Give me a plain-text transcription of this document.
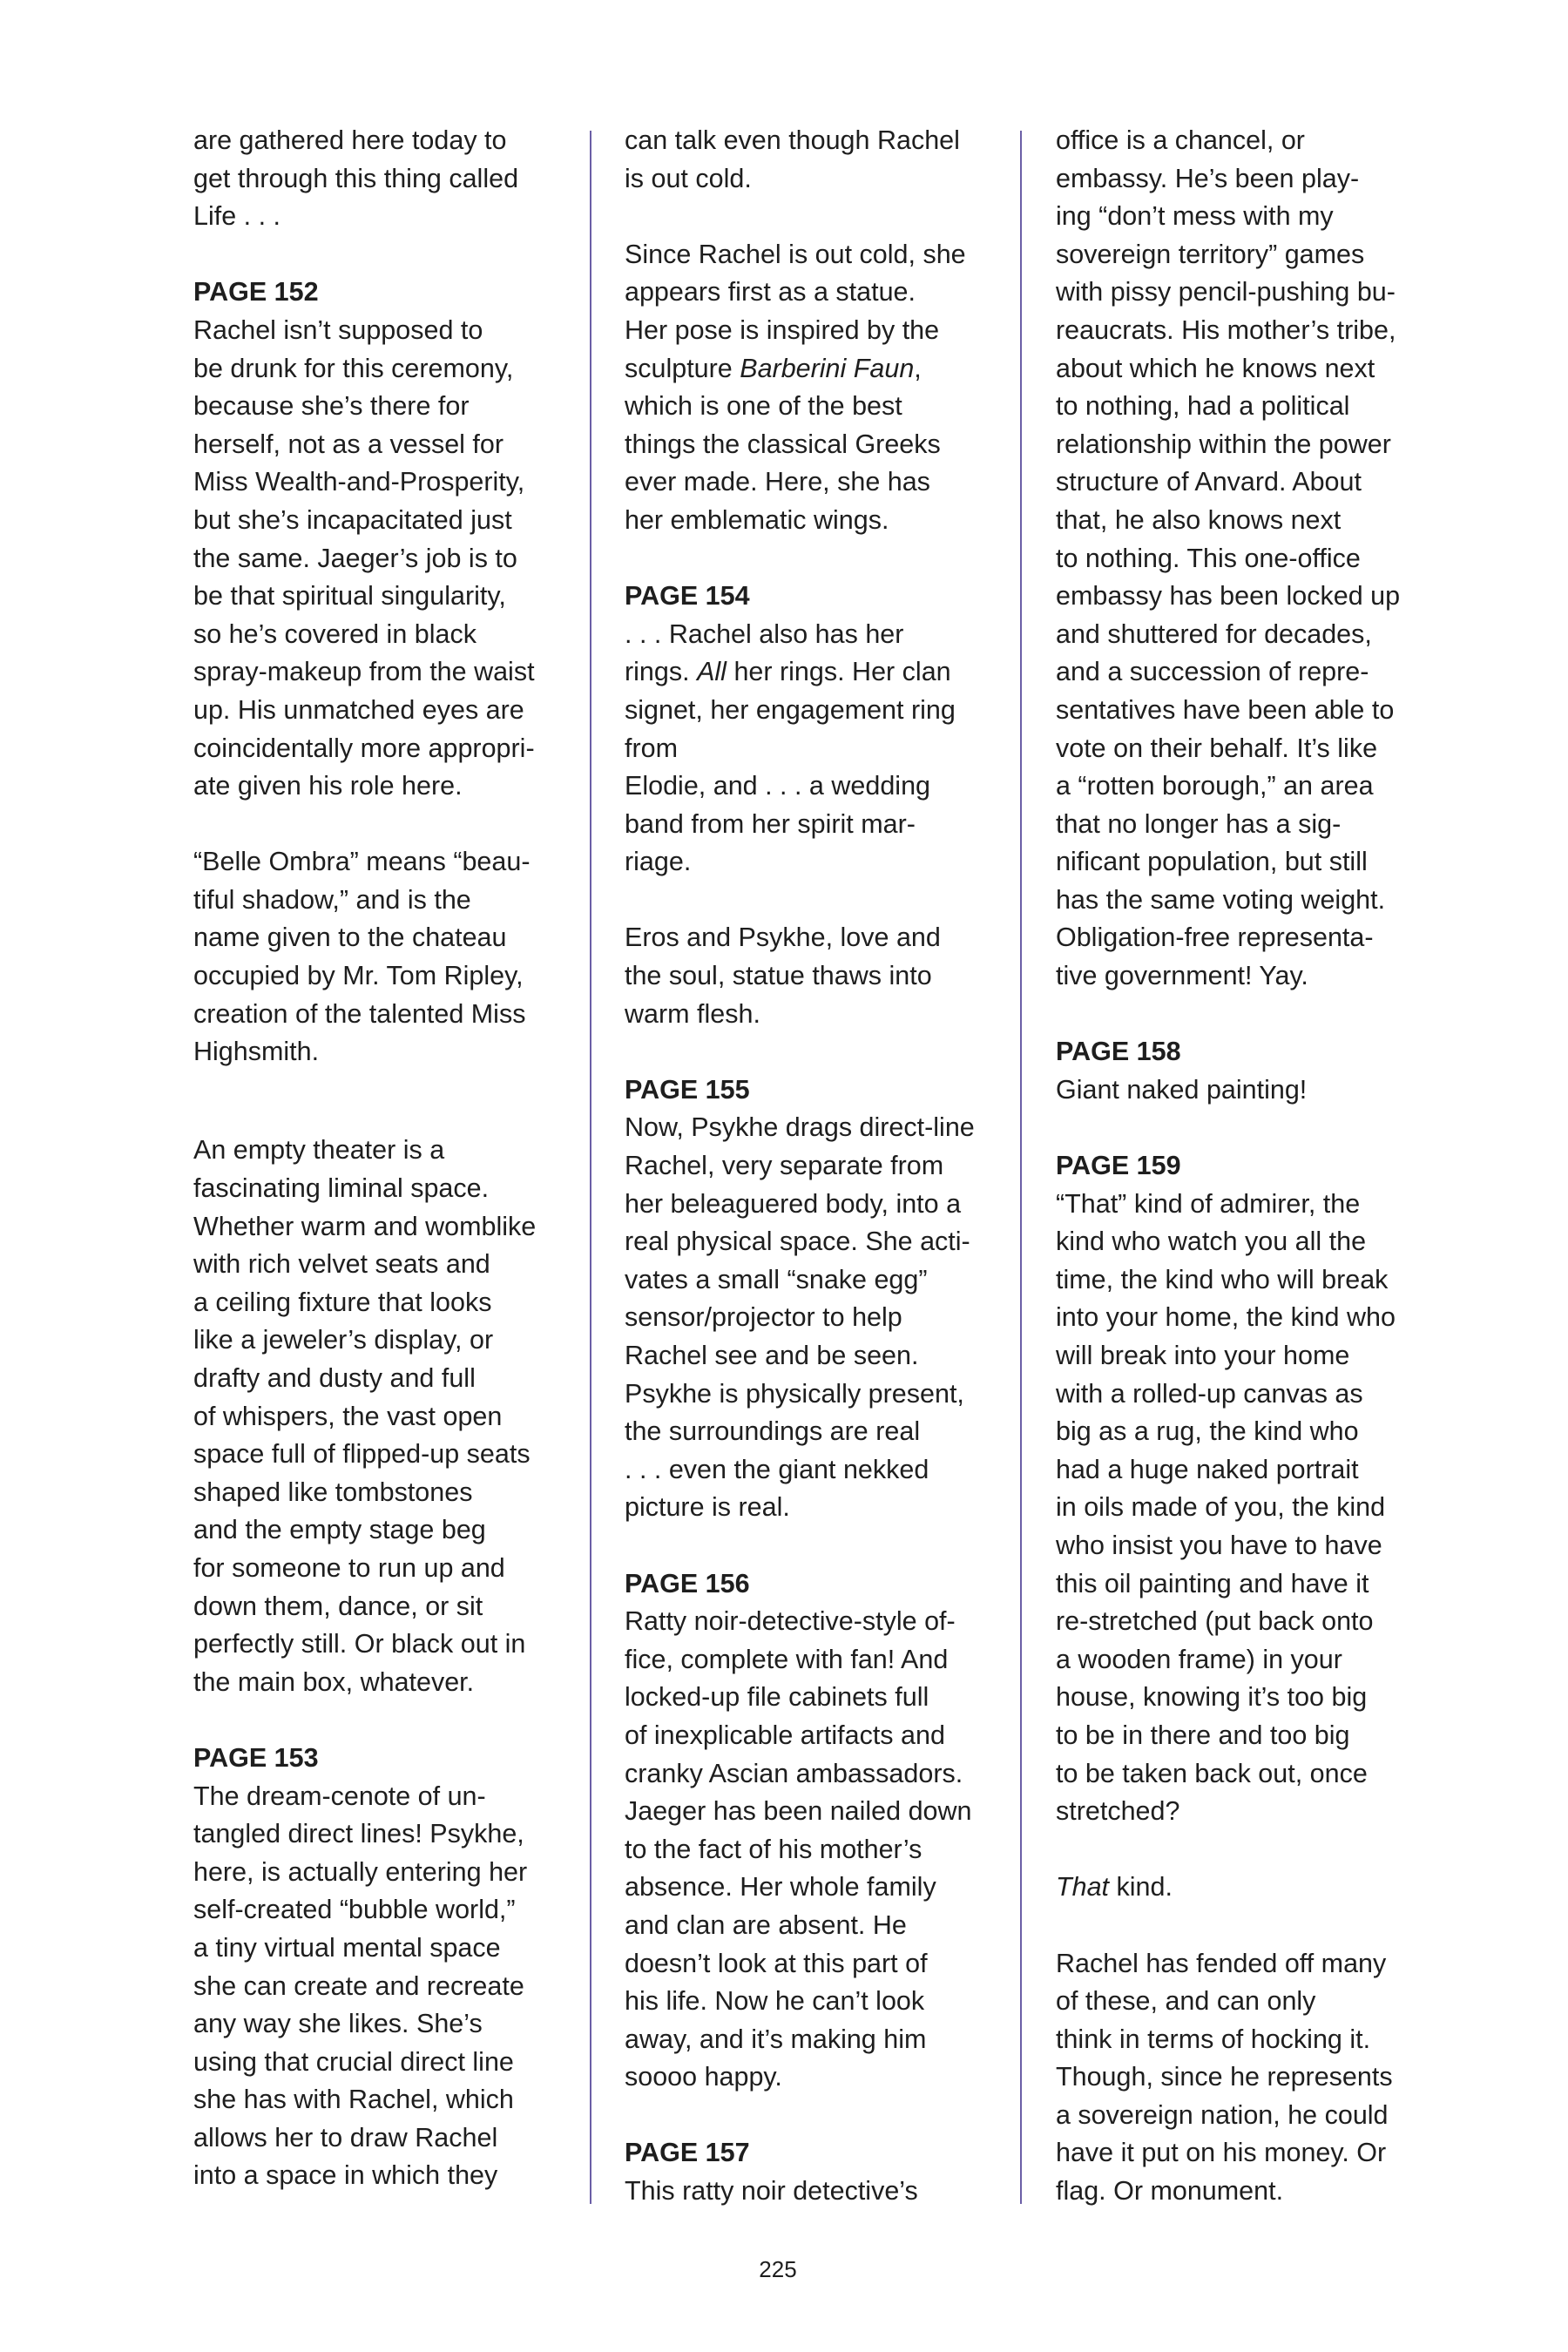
are gathered here today to
get through this thing called
Life . . .
PAGE 152
Rachel isn’t supposed to
be drunk for this ceremony,
because she’s there for
herself, not as a vessel for
Miss Wealth-and-Prosperity,
but she’s incapacitated just
the same. Jaeger’s job is to
be that spiritual singularity,
so he’s covered in black
spray-makeup from the waist
up. His unmatched eyes are
coincidentally more appropri-
ate given his role here.
“Belle Ombra” means “beau-
tiful shadow,” and is the
name given to the chateau
occupied by Mr. Tom Ripley,
creation of the talented Miss
Highsmith.
An empty theater is a
fascinating liminal space.
Whether warm and womblike
with rich velvet seats and
a ceiling fixture that looks
like a jeweler’s display, or
drafty and dusty and full
of whispers, the vast open
space full of flipped-up seats
shaped like tombstones
and the empty stage beg
for someone to run up and
down them, dance, or sit
perfectly still. Or black out in
the main box, whatever.
PAGE 153
The dream-cenote of un-
tangled direct lines! Psykhe,
here, is actually entering her
self-created “bubble world,”
a tiny virtual mental space
she can create and recreate
any way she likes. She’s
using that crucial direct line
she has with Rachel, which
allows her to draw Rachel
into a space in which they
can talk even though Rachel
is out cold.
Since Rachel is out cold, she
appears first as a statue.
Her pose is inspired by the
sculpture Barberini Faun,
which is one of the best
things the classical Greeks
ever made. Here, she has
her emblematic wings.
PAGE 154
. . . Rachel also has her
rings. All her rings. Her clan
signet, her engagement ring
from
Elodie, and . . . a wedding
band from her spirit mar-
riage.
Eros and Psykhe, love and
the soul, statue thaws into
warm flesh.
PAGE 155
Now, Psykhe drags direct-line
Rachel, very separate from
her beleaguered body, into a
real physical space. She acti-
vates a small “snake egg”
sensor/projector to help
Rachel see and be seen.
Psykhe is physically present,
the surroundings are real
. . . even the giant nekked
picture is real.
PAGE 156
Ratty noir-detective-style of-
fice, complete with fan! And
locked-up file cabinets full
of inexplicable artifacts and
cranky Ascian ambassadors.
Jaeger has been nailed down
to the fact of his mother’s
absence. Her whole family
and clan are absent. He
doesn’t look at this part of
his life. Now he can’t look
away, and it’s making him
soooo happy.
PAGE 157
This ratty noir detective’s
office is a chancel, or
embassy. He’s been play-
ing “don’t mess with my
sovereign territory” games
with pissy pencil-pushing bu-
reaucrats. His mother’s tribe,
about which he knows next
to nothing, had a political
relationship within the power
structure of Anvard. About
that, he also knows next
to nothing. This one-office
embassy has been locked up
and shuttered for decades,
and a succession of repre-
sentatives have been able to
vote on their behalf. It’s like
a “rotten borough,” an area
that no longer has a sig-
nificant population, but still
has the same voting weight.
Obligation-free representa-
tive government! Yay.
PAGE 158
Giant naked painting!
PAGE 159
“That” kind of admirer, the
kind who watch you all the
time, the kind who will break
into your home, the kind who
will break into your home
with a rolled-up canvas as
big as a rug, the kind who
had a huge naked portrait
in oils made of you, the kind
who insist you have to have
this oil painting and have it
re-stretched (put back onto
a wooden frame) in your
house, knowing it’s too big
to be in there and too big
to be taken back out, once
stretched?
That kind.
Rachel has fended off many
of these, and can only
think in terms of hocking it.
Though, since he represents
a sovereign nation, he could
have it put on his money. Or
flag. Or monument.
225
